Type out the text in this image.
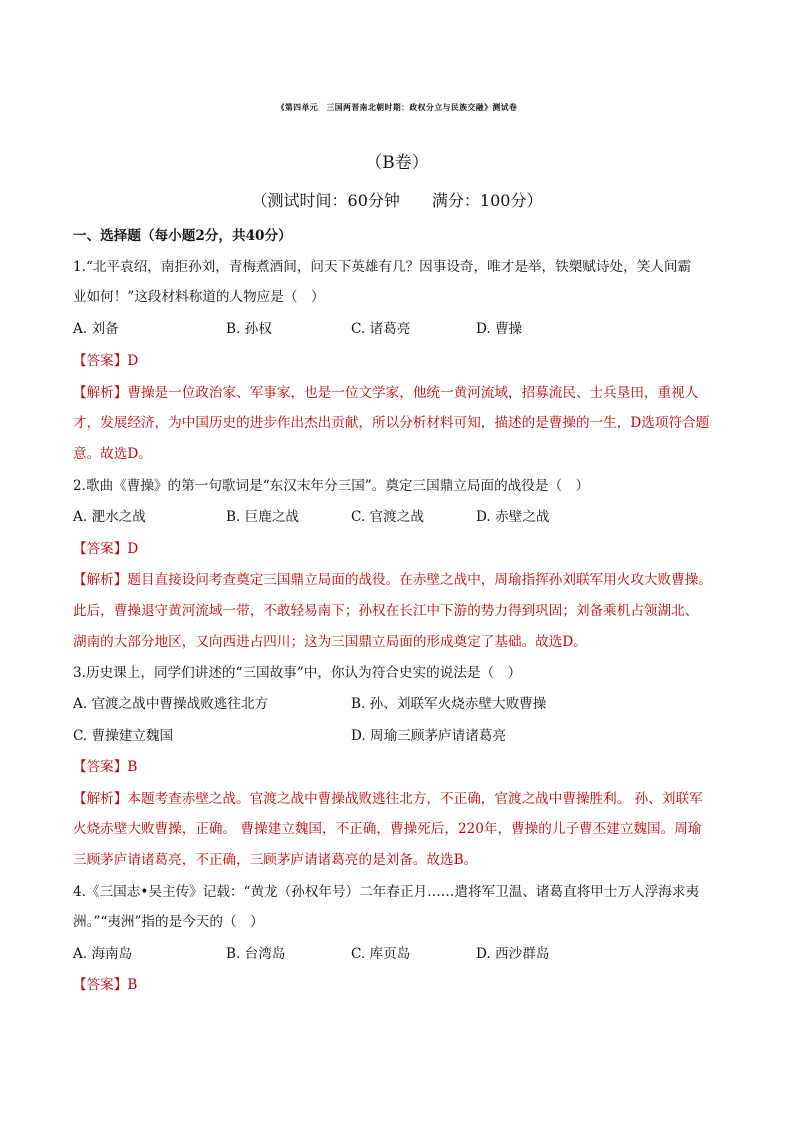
《第四单元　三国两晋南北朝时期：政权分立与民族交融》测试卷
（B卷）
（测试时间：60分钟　　满分：100分）
一、选择题（每小题2分，共40分）
1.“北平袁绍，南拒孙刘，青梅煮酒间，问天下英雄有几？因事设奇，唯才是举，铁槊赋诗处，笑人间霸
业如何！”这段材料称道的人物应是（　）
A. 刘备	B. 孙权	C. 诸葛亮	D. 曹操
【答案】D
【解析】曹操是一位政治家、军事家，也是一位文学家，他统一黄河流域，招募流民、士兵垦田，重视人
才，发展经济，为中国历史的进步作出杰出贡献，所以分析材料可知，描述的是曹操的一生，D选项符合题
意。故选D。
2.歌曲《曹操》的第一句歌词是“东汉末年分三国”。奠定三国鼎立局面的战役是（　）
A. 淝水之战	B. 巨鹿之战	C. 官渡之战	D. 赤壁之战
【答案】D
【解析】题目直接设问考查奠定三国鼎立局面的战役。在赤壁之战中，周瑜指挥孙刘联军用火攻大败曹操。
此后，曹操退守黄河流域一带，不敢轻易南下；孙权在长江中下游的势力得到巩固；刘备乘机占领湖北、
湖南的大部分地区，又向西进占四川；这为三国鼎立局面的形成奠定了基础。故选D。
3.历史课上，同学们讲述的“三国故事”中，你认为符合史实的说法是（　）
A. 官渡之战中曹操战败逃往北方	B. 孙、刘联军火烧赤壁大败曹操
C. 曹操建立魏国	D. 周瑜三顾茅庐请诸葛亮
【答案】B
【解析】本题考查赤壁之战。官渡之战中曹操战败逃往北方，不正确，官渡之战中曹操胜利。 孙、刘联军
火烧赤壁大败曹操，正确。 曹操建立魏国，不正确，曹操死后，220年，曹操的儿子曹丕建立魏国。周瑜
三顾茅庐请诸葛亮，不正确，三顾茅庐请诸葛亮的是刘备。故选B。
4.《三国志•吴主传》记载：“黄龙（孙权年号）二年春正月……遣将军卫温、诸葛直将甲士万人浮海求夷
洲。”“夷洲”指的是今天的（　）
A. 海南岛	B. 台湾岛	C. 库页岛	D. 西沙群岛
【答案】B
